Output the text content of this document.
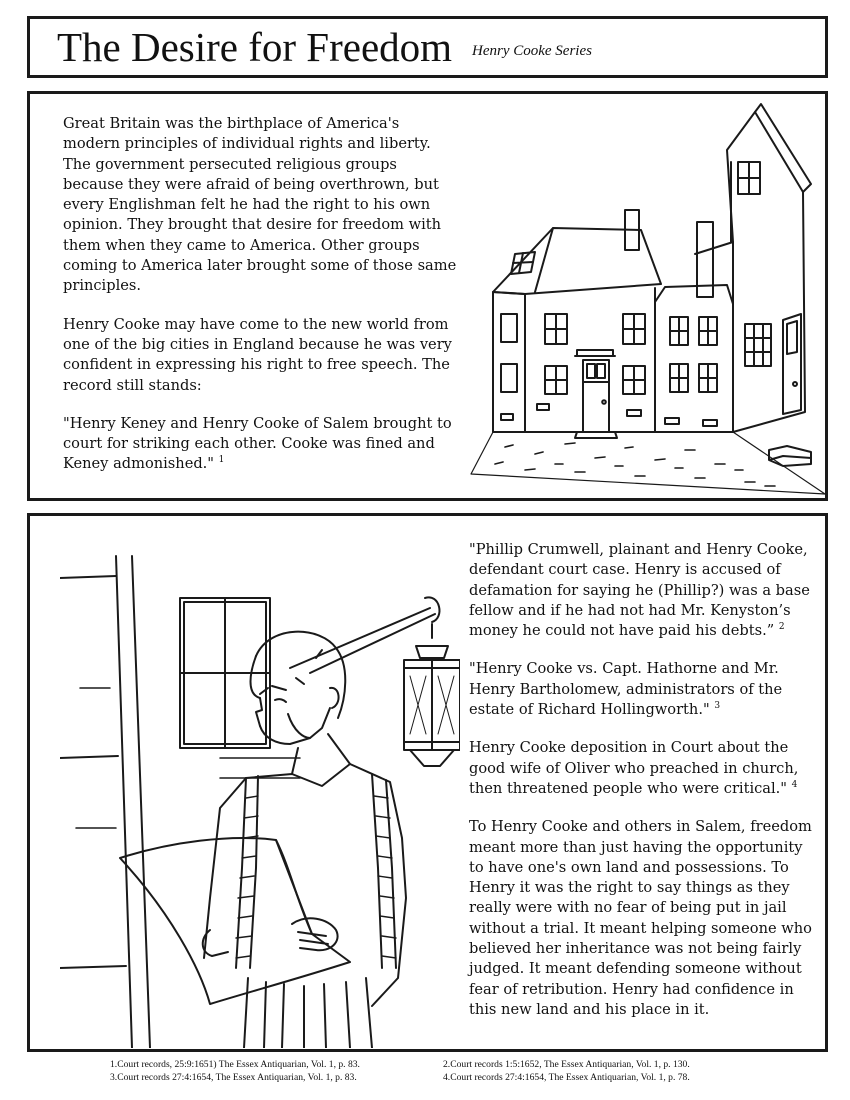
The Desire for Freedom Henry Cooke Series

Great Britain was the birthplace of America's modern principles of individual rights and liberty. The government persecuted religious groups because they were afraid of being overthrown, but every Englishman felt he had the right to his own opinion. They brought that desire for freedom with them when they came to America. Other groups coming to America later brought some of those same principles.

Henry Cooke may have come to the new world from one of the big cities in England because he was very confident in expressing his right to free speech. The record still stands:

"Henry Keney and Henry Cooke of Salem brought to court for striking each other. Cooke was fined and Keney admonished." $^1$

"Phillip Crumwell, plainant and Henry Cooke, defendant court case. Henry is accused of defamation for saying he (Phillip?) was a base fellow and if he had not had Mr. Kenyston’s money he could not have paid his debts.” $^2$

"Henry Cooke vs. Capt. Hathorne and Mr. Henry Bartholomew, administrators of the estate of Richard Hollingworth." $^3$

Henry Cooke deposition in Court about the good wife of Oliver who preached in church, then threatened people who were critical." $^4$

To Henry Cooke and others in Salem, freedom meant more than just having the opportunity to have one's own land and possessions. To Henry it was the right to say things as they really were with no fear of being put in jail without a trial. It meant helping someone who believed her inheritance was not being fairly judged. It meant defending someone without fear of retribution. Henry had confidence in this new land and his place in it.

1.Court records, 25:9:1651) The Essex Antiquarian, Vol. 1, p. 83.	2.Court records 1:5:1652, The Essex Antiquarian, Vol. 1, p. 130.
3.Court records 27:4:1654, The Essex Antiquarian, Vol. 1, p. 83.	4.Court records 27:4:1654, The Essex Antiquarian, Vol. 1, p. 78.
